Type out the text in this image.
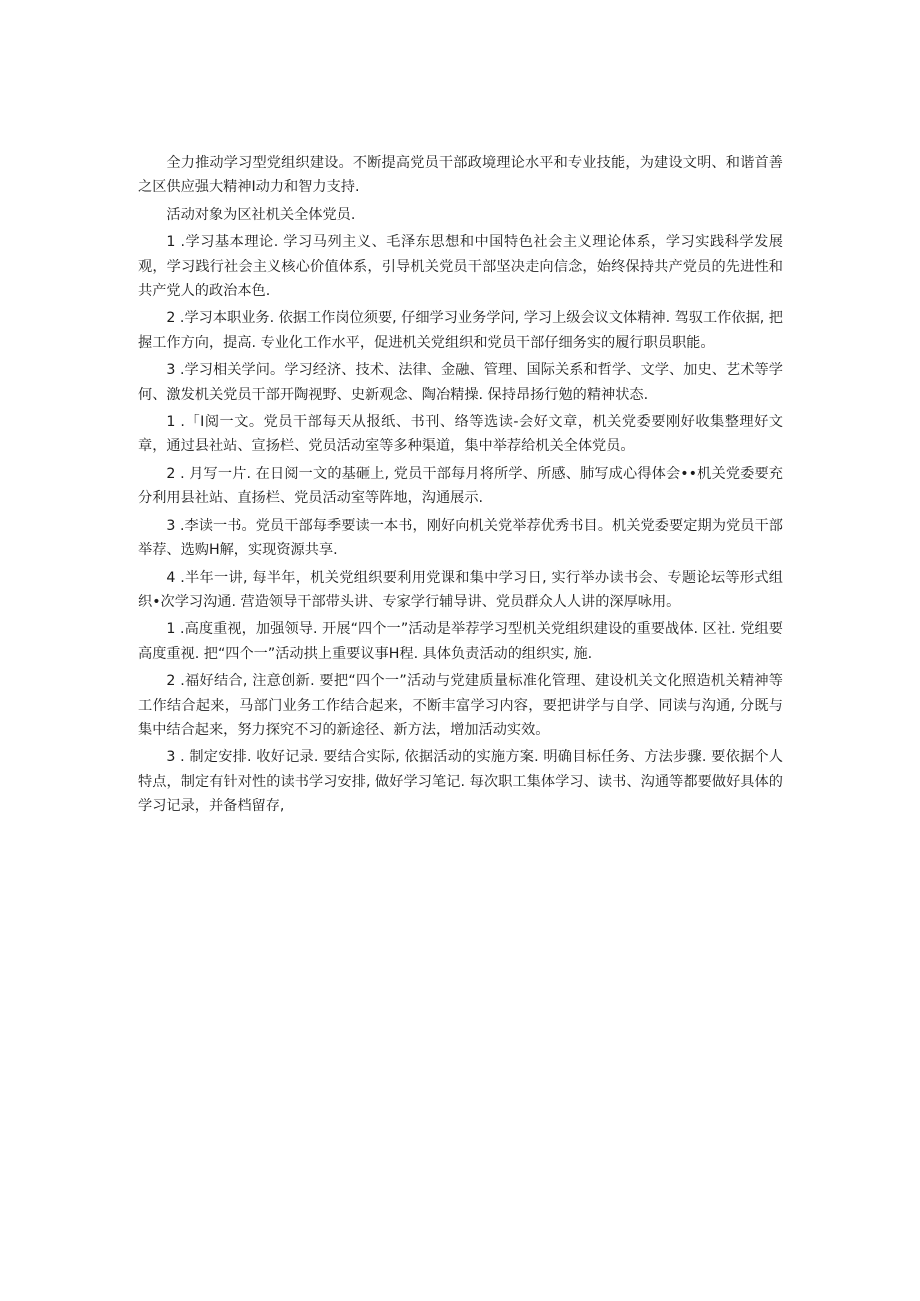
全力推动学习型党组织建设。不断提高党员干部政境理论水平和专业技能，为建设文明、和谐首善之区供应强大精神I动力和智力支持.

活动对象为区社机关全体党员.

1 .学习基本理论. 学习马列主义、毛泽东思想和中国特色社会主义理论体系，学习实践科学发展观，学习践行社会主义核心价值体系，引导机关党员干部坚决走向信念，始终保持共产党员的先进性和共产党人的政治本色.

2 .学习本职业务. 依据工作岗位须要, 仔细学习业务学问, 学习上级会议文体精神. 驾驭工作依据, 把握工作方向，提高. 专业化工作水平，促进机关党组织和党员干部仔细务实的履行职员职能。

3 .学习相关学问。学习经济、技术、法律、金融、管理、国际关系和哲学、文学、加史、艺术等学何、激发机关党员干部开陶视野、史新观念、陶冶精操. 保持昂扬行勉的精神状态.

1 .「I阅一文。党员干部每天从报纸、书刊、络等选读-会好文章，机关党委要刚好收集整理好文章，通过县社站、宣扬栏、党员活动室等多种渠道，集中举荐给机关全体党员。

2 . 月写一片. 在日阅一文的基砸上, 党员干部每月将所学、所感、肺写成心得体会••机关党委要充分利用县社站、直扬栏、党员活动室等阵地，沟通展示.

3 .李读一书。党员干部每季要读一本书，刚好向机关党举荐优秀书目。机关党委要定期为党员干部举荐、选购H解，实现资源共享.

4 .半年一讲, 每半年，机关党组织要利用党课和集中学习日, 实行举办读书会、专题论坛等形式组织•次学习沟通. 营造领导干部带头讲、专家学行辅导讲、党员群众人人讲的深厚咏用。

1 .高度重视，加强领导. 开展“四个一”活动是举荐学习型机关党组织建设的重要战体. 区社. 党组要高度重视. 把“四个一”活动拱上重要议事H程. 具体负责活动的组织实, 施.

2 .福好结合, 注意创新. 要把“四个一”活动与党建质量标准化管理、建设机关文化照造机关精神等工作结合起来，马部门业务工作结合起来，不断丰富学习内容，要把讲学与自学、同读与沟通, 分既与集中结合起来，努力探究不习的新途径、新方法，增加活动实效。

3 . 制定安排. 收好记录. 要结合实际, 依据活动的实施方案. 明确目标任务、方法步骤. 要依据个人特点，制定有针对性的读书学习安排, 做好学习笔记. 每次职工集体学习、读书、沟通等都要做好具体的学习记录，并备档留存,
